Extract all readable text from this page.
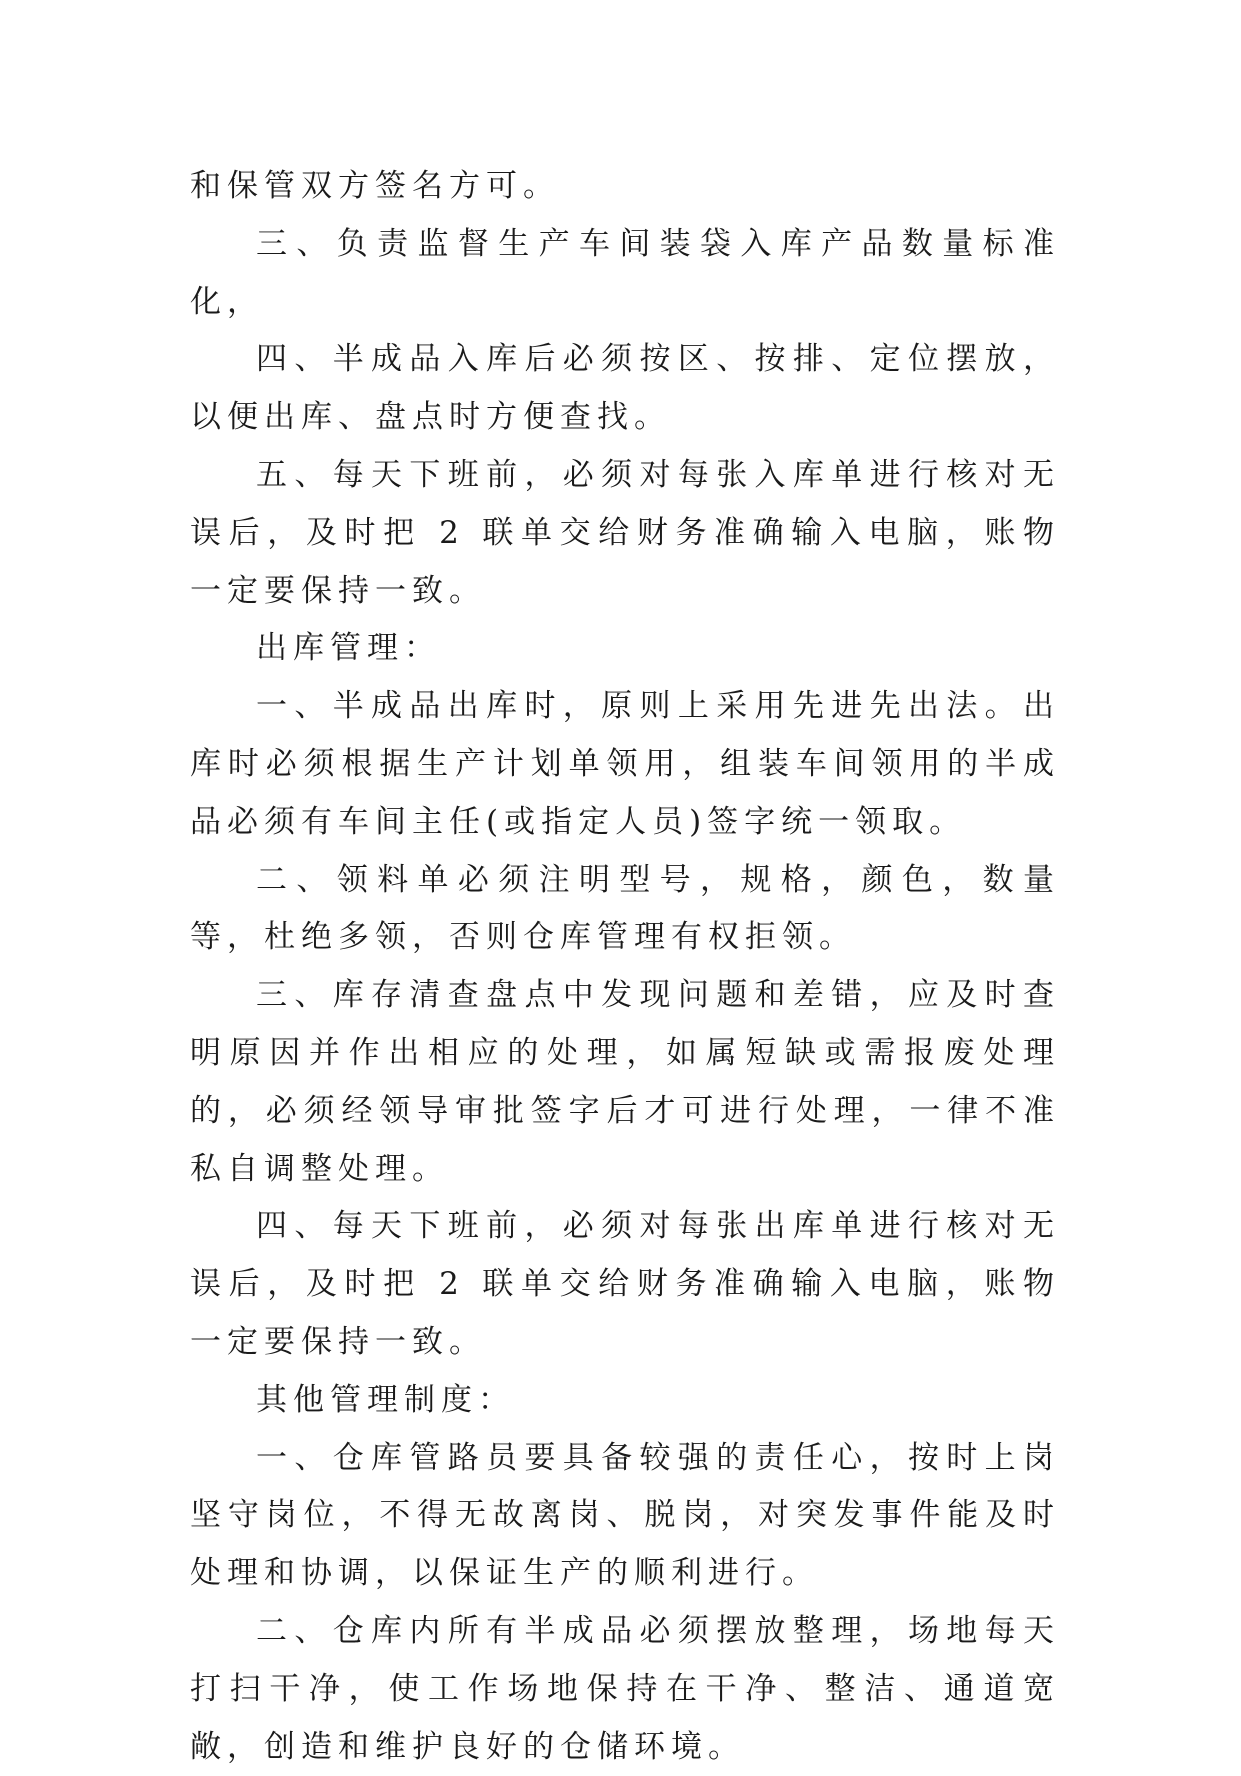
和保管双方签名方可。

三、负责监督生产车间装袋入库产品数量标准化，

四、半成品入库后必须按区、按排、定位摆放，以便出库、盘点时方便查找。

五、每天下班前，必须对每张入库单进行核对无误后，及时把 2 联单交给财务准确输入电脑，账物一定要保持一致。

出库管理：

一、半成品出库时，原则上采用先进先出法。出库时必须根据生产计划单领用，组装车间领用的半成品必须有车间主任(或指定人员)签字统一领取。

二、领料单必须注明型号，规格，颜色，数量等，杜绝多领，否则仓库管理有权拒领。

三、库存清查盘点中发现问题和差错，应及时查明原因并作出相应的处理，如属短缺或需报废处理的，必须经领导审批签字后才可进行处理，一律不准私自调整处理。

四、每天下班前，必须对每张出库单进行核对无误后，及时把 2 联单交给财务准确输入电脑，账物一定要保持一致。

其他管理制度：

一、仓库管路员要具备较强的责任心，按时上岗坚守岗位，不得无故离岗、脱岗，对突发事件能及时处理和协调，以保证生产的顺利进行。

二、仓库内所有半成品必须摆放整理，场地每天打扫干净，使工作场地保持在干净、整洁、通道宽敞，创造和维护良好的仓储环境。
